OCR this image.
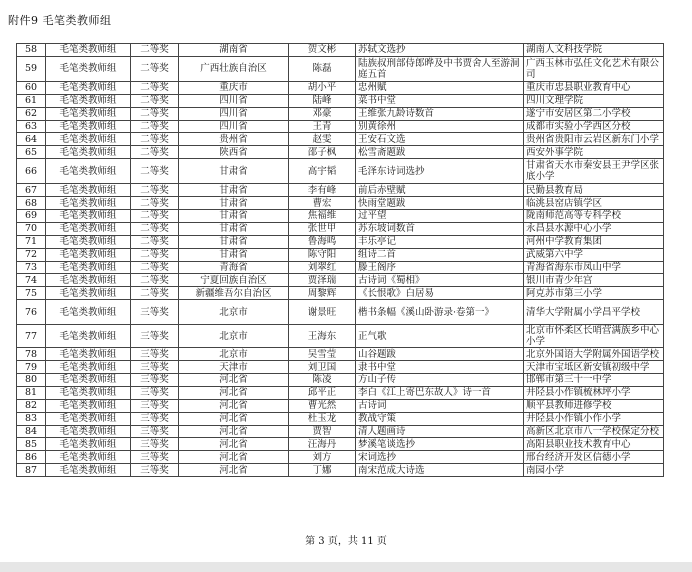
附件9 毛笔类教师组
58	毛笔类教师组	二等奖	湖南省	贺文彬	苏轼文选抄	湖南人文科技学院
59	毛笔类教师组	二等奖	广西壮族自治区	陈磊	陆族叔刑部侍郎晔及中书贾舍人至游洞庭五首	广西玉林市弘任文化艺术有限公司
60	毛笔类教师组	二等奖	重庆市	胡小平	忠州赋	重庆市忠县职业教育中心
61	毛笔类教师组	二等奖	四川省	陆峰	菜书中堂	四川文理学院
62	毛笔类教师组	二等奖	四川省	邓豪	王维张九龄诗数首	遂宁市安居区第二小学校
63	毛笔类教师组	二等奖	四川省	王青	别黄徐州	成都市实验小学西区分校
64	毛笔类教师组	二等奖	贵州省	赵雯	王安石文选	贵州省贵阳市云岩区新东门小学
65	毛笔类教师组	二等奖	陕西省	邵子枫	松雪斋题跋	西安外事学院
66	毛笔类教师组	二等奖	甘肃省	高宇韬	毛泽东诗词选抄	甘肃省天水市秦安县王尹学区张底小学
67	毛笔类教师组	二等奖	甘肃省	李有峰	前后赤壁赋	民勤县教育局
68	毛笔类教师组	二等奖	甘肃省	曹宏	快雨堂题跋	临洮县窑店镇学区
69	毛笔类教师组	二等奖	甘肃省	焦福维	过平望	陇南师范高等专科学校
70	毛笔类教师组	二等奖	甘肃省	张世甲	苏东坡词数首	永昌县水源中心小学
71	毛笔类教师组	二等奖	甘肃省	鲁海鸣	丰乐亭记	河州中学教育集团
72	毛笔类教师组	二等奖	甘肃省	陈守阳	组诗二首	武威第六中学
73	毛笔类教师组	二等奖	青海省	刘翠红	滕王阁序	青海省海东市凤山中学
74	毛笔类教师组	二等奖	宁夏回族自治区	贾泽瑞	古诗词《蜀相》	银川市青少年宫
75	毛笔类教师组	二等奖	新疆维吾尔自治区	周黎辉	《长恨歌》白居易	阿克苏市第三小学
76	毛笔类教师组	三等奖	北京市	谢景旺	楷书条幅《溪山卧游录·卷第一》	清华大学附属小学昌平学校
77	毛笔类教师组	三等奖	北京市	王海东	正气歌	北京市怀柔区长哨营满族乡中心小学
78	毛笔类教师组	三等奖	北京市	吴雪莹	山谷题跋	北京外国语大学附属外国语学校
79	毛笔类教师组	三等奖	天津市	刘卫国	隶书中堂	天津市宝坻区新安镇初级中学
80	毛笔类教师组	三等奖	河北省	陈凌	方山子传	邯郸市第三十一中学
81	毛笔类教师组	三等奖	河北省	邱平正	李白《江上寄巴东故人》诗一首	井陉县小作镇梳林坪小学
82	毛笔类教师组	三等奖	河北省	曹光然	古诗词	顺平县教师进修学校
83	毛笔类教师组	三等奖	河北省	杜玉龙	教战守策	井陉县小作镇小作小学
84	毛笔类教师组	三等奖	河北省	贾智	清人题画诗	高新区北京市八一学校保定分校
85	毛笔类教师组	三等奖	河北省	汪海丹	梦溪笔谈选抄	高阳县职业技术教育中心
86	毛笔类教师组	三等奖	河北省	刘方	宋词选抄	邢台经济开发区信德小学
87	毛笔类教师组	三等奖	河北省	丁娜	南宋范成大诗选	南园小学
第 3 页，共 11 页
